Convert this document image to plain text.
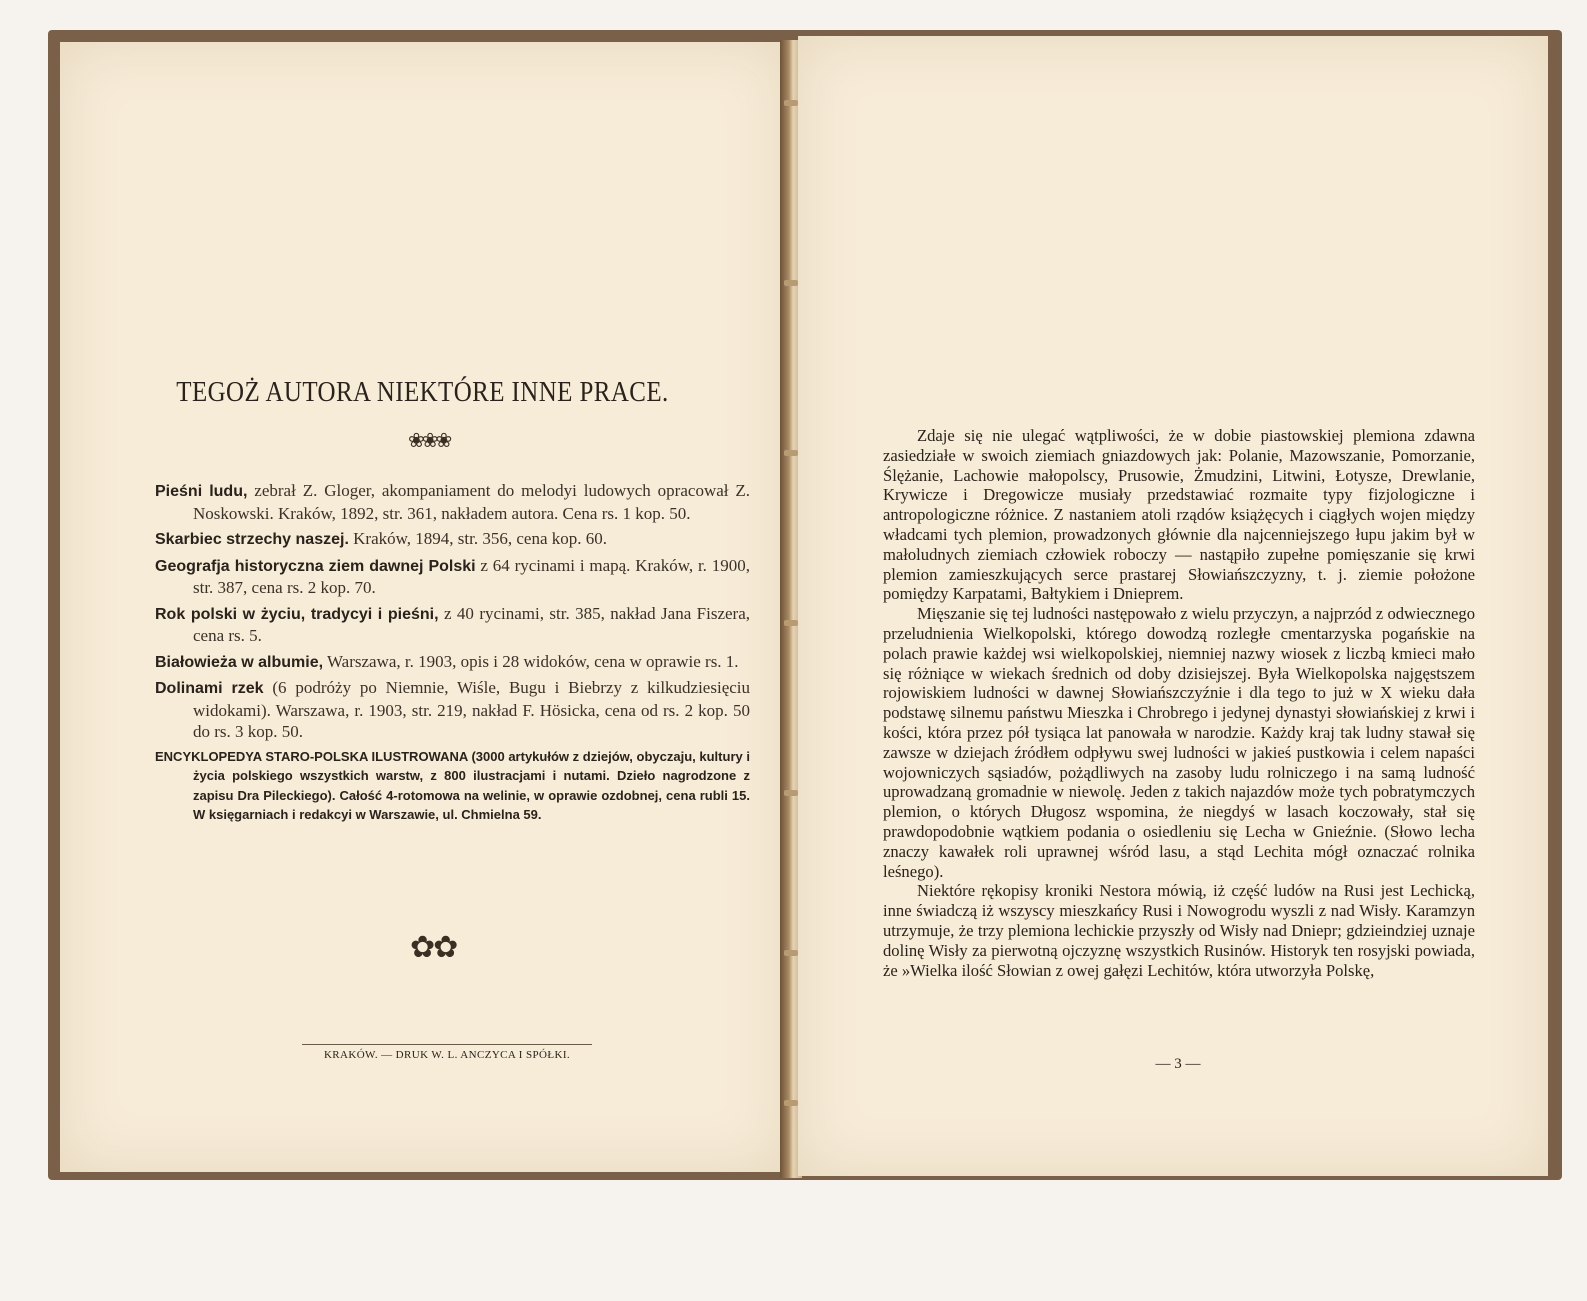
TEGOŻ AUTORA NIEKTÓRE INNE PRACE.
❀❀❀

Pieśni ludu, zebrał Z. Gloger, akompaniament do melodyi ludowych opracował Z. Noskowski. Kraków, 1892, str. 361, nakładem autora. Cena rs. 1 kop. 50.

Skarbiec strzechy naszej. Kraków, 1894, str. 356, cena kop. 60.

Geografja historyczna ziem dawnej Polski z 64 rycinami i mapą. Kraków, r. 1900, str. 387, cena rs. 2 kop. 70.

Rok polski w życiu, tradycyi i pieśni, z 40 rycinami, str. 385, nakład Jana Fiszera, cena rs. 5.

Białowieża w albumie, Warszawa, r. 1903, opis i 28 widoków, cena w oprawie rs. 1.

Dolinami rzek (6 podróży po Niemnie, Wiśle, Bugu i Biebrzy z kilkudziesięciu widokami). Warszawa, r. 1903, str. 219, nakład F. Hösicka, cena od rs. 2 kop. 50 do rs. 3 kop. 50.

ENCYKLOPEDYA STARO-POLSKA ILUSTROWANA (3000 artykułów z dziejów, obyczaju, kultury i życia polskiego wszystkich warstw, z 800 ilustracjami i nutami. Dzieło nagrodzone z zapisu Dra Pileckiego). Całość 4-rotomowa na welinie, w oprawie ozdobnej, cena rubli 15. W księgarniach i redakcyi w Warszawie, ul. Chmielna 59.

✿✿
KRAKÓW. — DRUK W. L. ANCZYCA I SPÓŁKI.

Zdaje się nie ulegać wątpliwości, że w dobie piastowskiej plemiona zdawna zasiedziałe w swoich ziemiach gniazdowych jak: Polanie, Mazowszanie, Pomorzanie, Ślężanie, Lachowie małopolscy, Prusowie, Żmudzini, Litwini, Łotysze, Drewlanie, Krywicze i Dregowicze musiały przedstawiać rozmaite typy fizjologiczne i antropologiczne różnice. Z nastaniem atoli rządów książęcych i ciągłych wojen między władcami tych plemion, prowadzonych głównie dla najcenniejszego łupu jakim był w małoludnych ziemiach człowiek roboczy — nastąpiło zupełne pomięszanie się krwi plemion zamieszkujących serce prastarej Słowiańszczyzny, t. j. ziemie położone pomiędzy Karpatami, Bałtykiem i Dnieprem.

Mięszanie się tej ludności następowało z wielu przyczyn, a najprzód z odwiecznego przeludnienia Wielkopolski, którego dowodzą rozległe cmentarzyska pogańskie na polach prawie każdej wsi wielkopolskiej, niemniej nazwy wiosek z liczbą kmieci mało się różniące w wiekach średnich od doby dzisiejszej. Była Wielkopolska najgęstszem rojowiskiem ludności w dawnej Słowiańszczyźnie i dla tego to już w X wieku dała podstawę silnemu państwu Mieszka i Chrobrego i jedynej dynastyi słowiańskiej z krwi i kości, która przez pół tysiąca lat panowała w narodzie. Każdy kraj tak ludny stawał się zawsze w dziejach źródłem odpływu swej ludności w jakieś pustkowia i celem napaści wojowniczych sąsiadów, pożądliwych na zasoby ludu rolniczego i na samą ludność uprowadzaną gromadnie w niewolę. Jeden z takich najazdów może tych pobratymczych plemion, o których Długosz wspomina, że niegdyś w lasach koczowały, stał się prawdopodobnie wątkiem podania o osiedleniu się Lecha w Gnieźnie. (Słowo lecha znaczy kawałek roli uprawnej wśród lasu, a stąd Lechita mógł oznaczać rolnika leśnego).

Niektóre rękopisy kroniki Nestora mówią, iż część ludów na Rusi jest Lechicką, inne świadczą iż wszyscy mieszkańcy Rusi i Nowogrodu wyszli z nad Wisły. Karamzyn utrzymuje, że trzy plemiona lechickie przyszły od Wisły nad Dniepr; gdzieindziej uznaje dolinę Wisły za pierwotną ojczyznę wszystkich Rusinów. Historyk ten rosyjski powiada, że »Wielka ilość Słowian z owej gałęzi Lechitów, która utworzyła Polskę,

— 3 —
